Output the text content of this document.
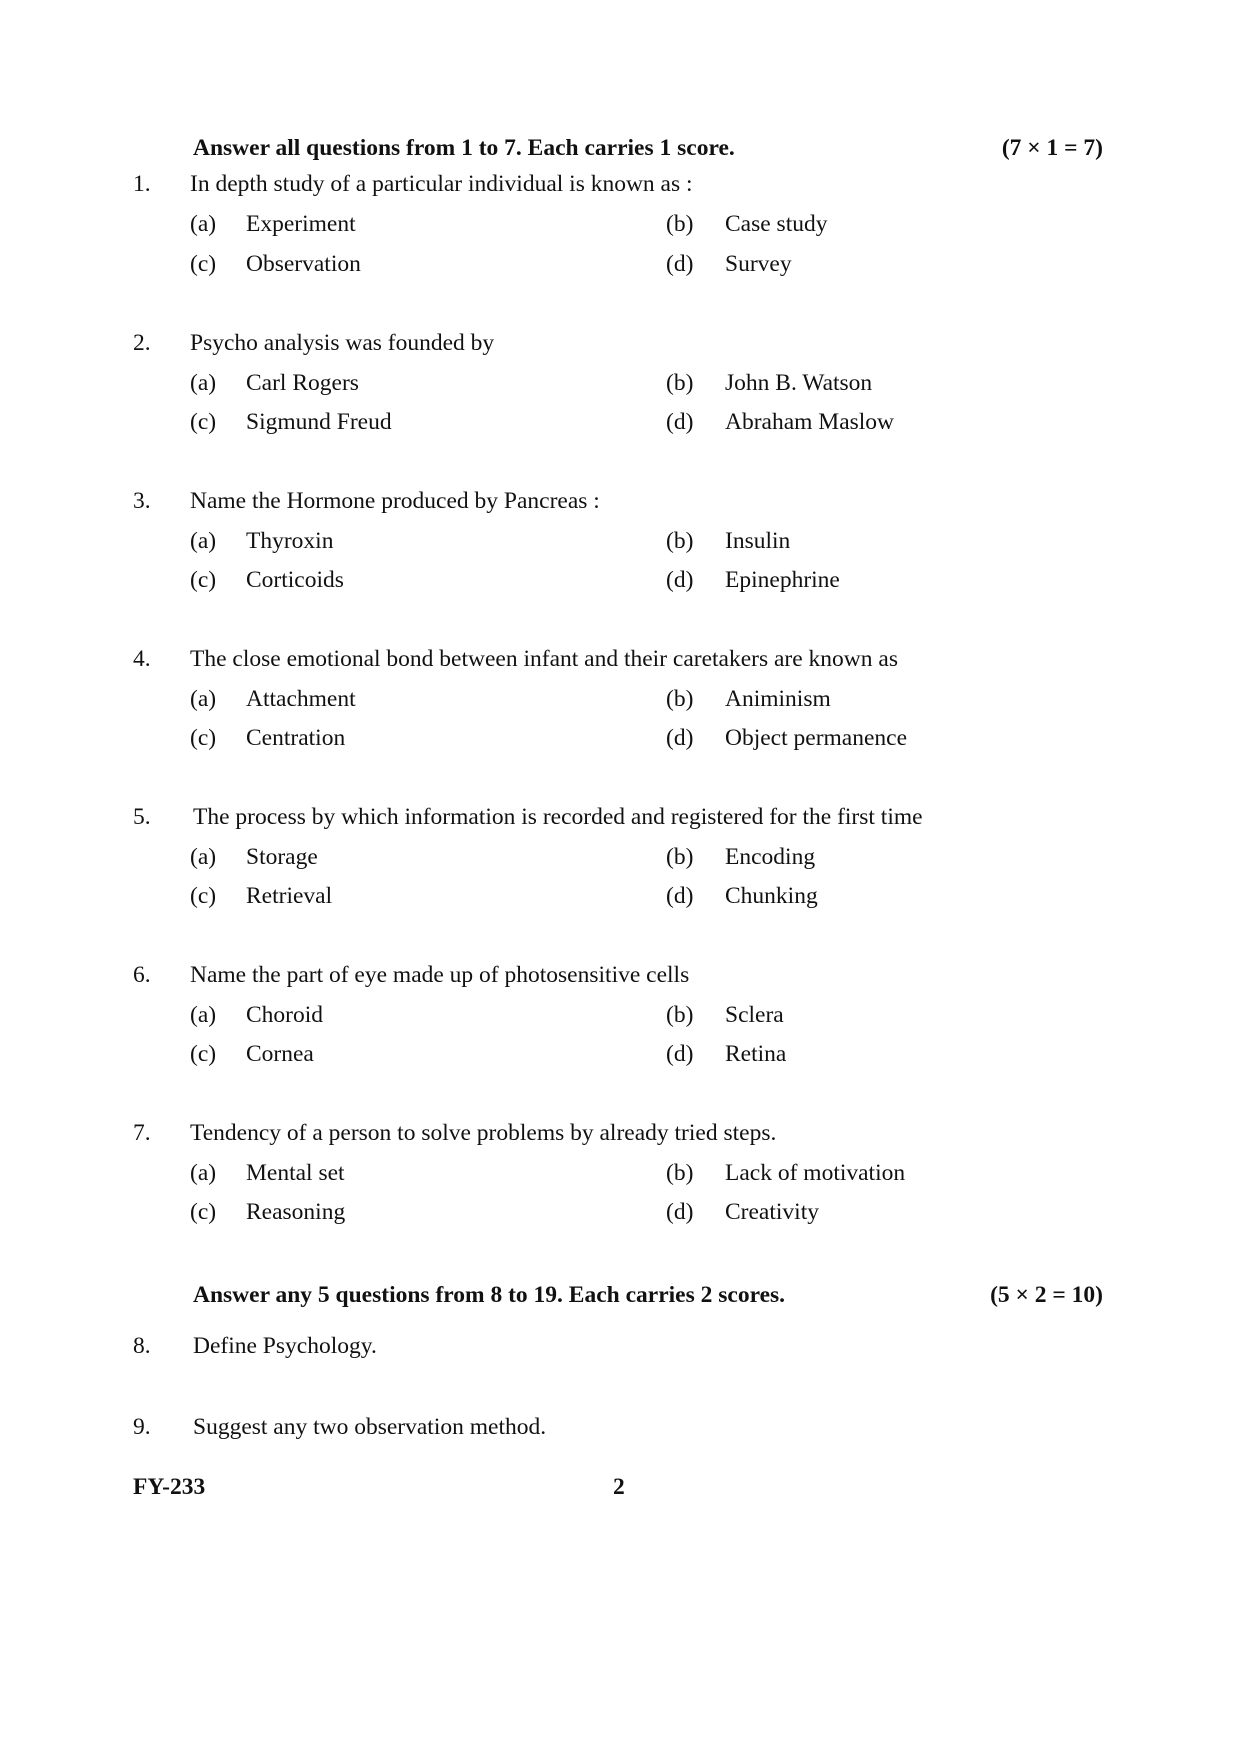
Answer all questions from 1 to 7. Each carries 1 score.	(7 × 1 = 7)
1. In depth study of a particular individual is known as :
(a) Experiment	(b) Case study
(c) Observation	(d) Survey
2. Psycho analysis was founded by
(a) Carl Rogers	(b) John B. Watson
(c) Sigmund Freud	(d) Abraham Maslow
3. Name the Hormone produced by Pancreas :
(a) Thyroxin	(b) Insulin
(c) Corticoids	(d) Epinephrine
4. The close emotional bond between infant and their caretakers are known as
(a) Attachment	(b) Animinism
(c) Centration	(d) Object permanence
5. The process by which information is recorded and registered for the first time
(a) Storage	(b) Encoding
(c) Retrieval	(d) Chunking
6. Name the part of eye made up of photosensitive cells
(a) Choroid	(b) Sclera
(c) Cornea	(d) Retina
7. Tendency of a person to solve problems by already tried steps.
(a) Mental set	(b) Lack of motivation
(c) Reasoning	(d) Creativity
Answer any 5 questions from 8 to 19. Each carries 2 scores.	(5 × 2 = 10)
8. Define Psychology.
9. Suggest any two observation method.
FY-233	2
